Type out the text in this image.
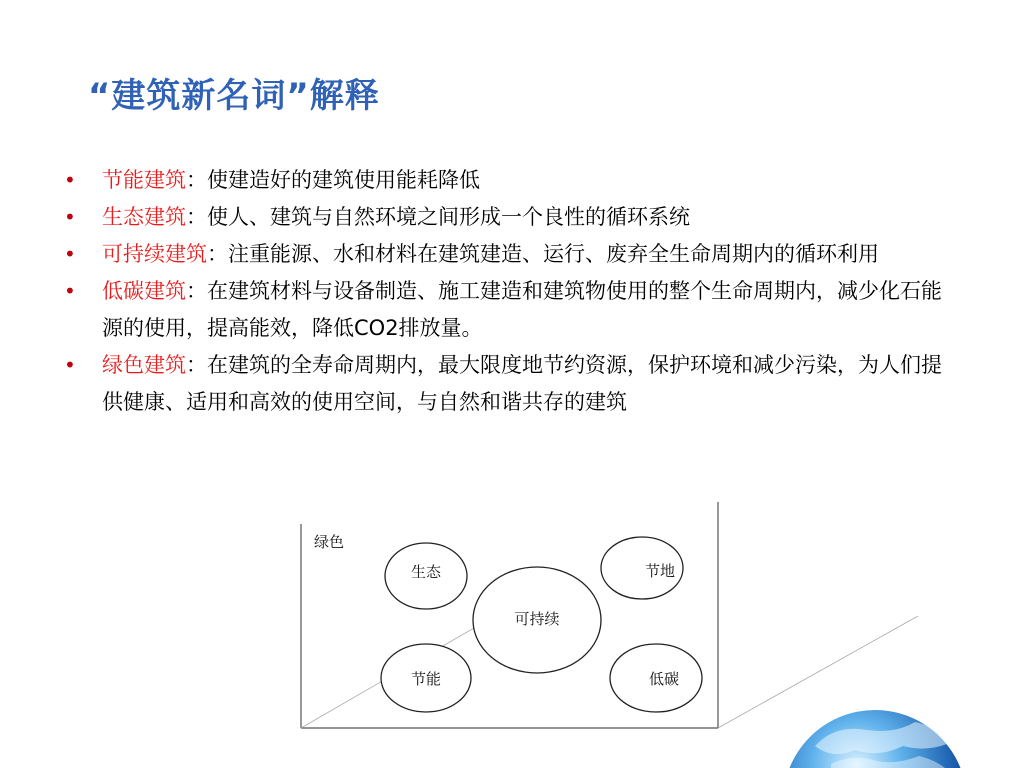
“建筑新名词”解释
• 节能建筑：使建造好的建筑使用能耗降低
• 生态建筑：使人、建筑与自然环境之间形成一个良性的循环系统
• 可持续建筑：注重能源、水和材料在建筑建造、运行、废弃全生命周期内的循环利用
• 低碳建筑：在建筑材料与设备制造、施工建造和建筑物使用的整个生命周期内，减少化石能源的使用，提高能效，降低CO2排放量。
• 绿色建筑：在建筑的全寿命周期内，最大限度地节约资源，保护环境和减少污染，为人们提供健康、适用和高效的使用空间，与自然和谐共存的建筑
绿色
生态	节地
可持续
节能	低碳
